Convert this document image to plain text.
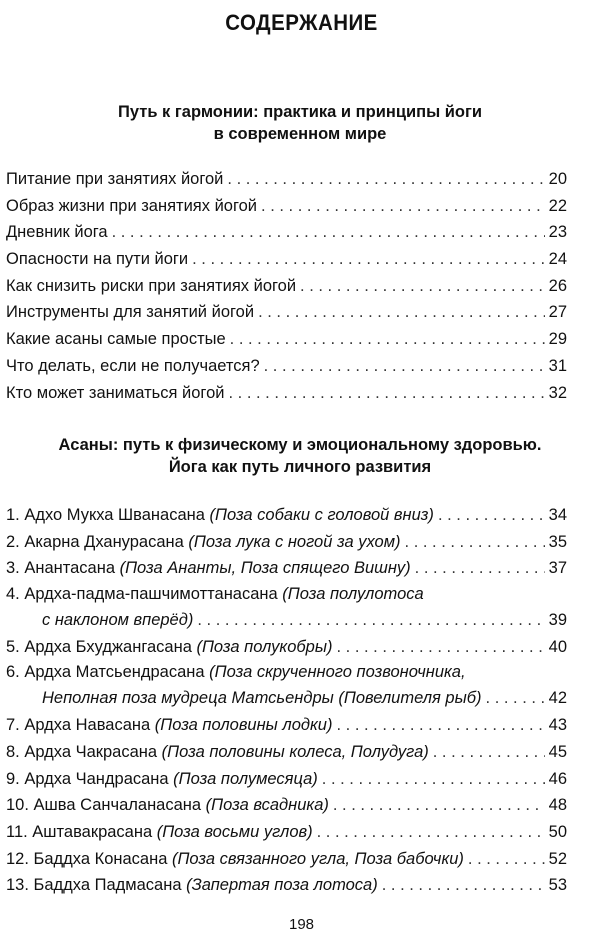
СОДЕРЖАНИЕ
Путь к гармонии: практика и принципы йоги
в современном мире
Питание при занятиях йогой . . .	20
Образ жизни при занятиях йогой . . .	22
Дневник йога . . .	23
Опасности на пути йоги . . .	24
Как снизить риски при занятиях йогой . . .	26
Инструменты для занятий йогой . . .	27
Какие асаны самые простые . . .	29
Что делать, если не получается? . . .	31
Кто может заниматься йогой . . .	32
Асаны: путь к физическому и эмоциональному здоровью.
Йога как путь личного развития
1. Адхо Мукха Шванасана (Поза собаки с головой вниз) . . .	34
2. Акарна Дханурасана (Поза лука с ногой за ухом) . . .	35
3. Анантасана (Поза Ананты, Поза спящего Вишну) . . .	37
4. Ардха-падма-пашчимоттанасана (Поза полулотоса
с наклоном вперёд) . . .	39
5. Ардха Бхуджангасана (Поза полукобры) . . .	40
6. Ардха Матсьендрасана (Поза скрученного позвоночника,
Неполная поза мудреца Матсьендры (Повелителя рыб) . . .	42
7. Ардха Навасана (Поза половины лодки) . . .	43
8. Ардха Чакрасана (Поза половины колеса, Полудуга) . . .	45
9. Ардха Чандрасана (Поза полумесяца) . . .	46
10. Ашва Санчаланасана (Поза всадника) . . .	48
11. Аштавакрасана (Поза восьми углов) . . .	50
12. Баддха Конасана (Поза связанного угла, Поза бабочки) . . .	52
13. Баддха Падмасана (Запертая поза лотоса) . . .	53
198
